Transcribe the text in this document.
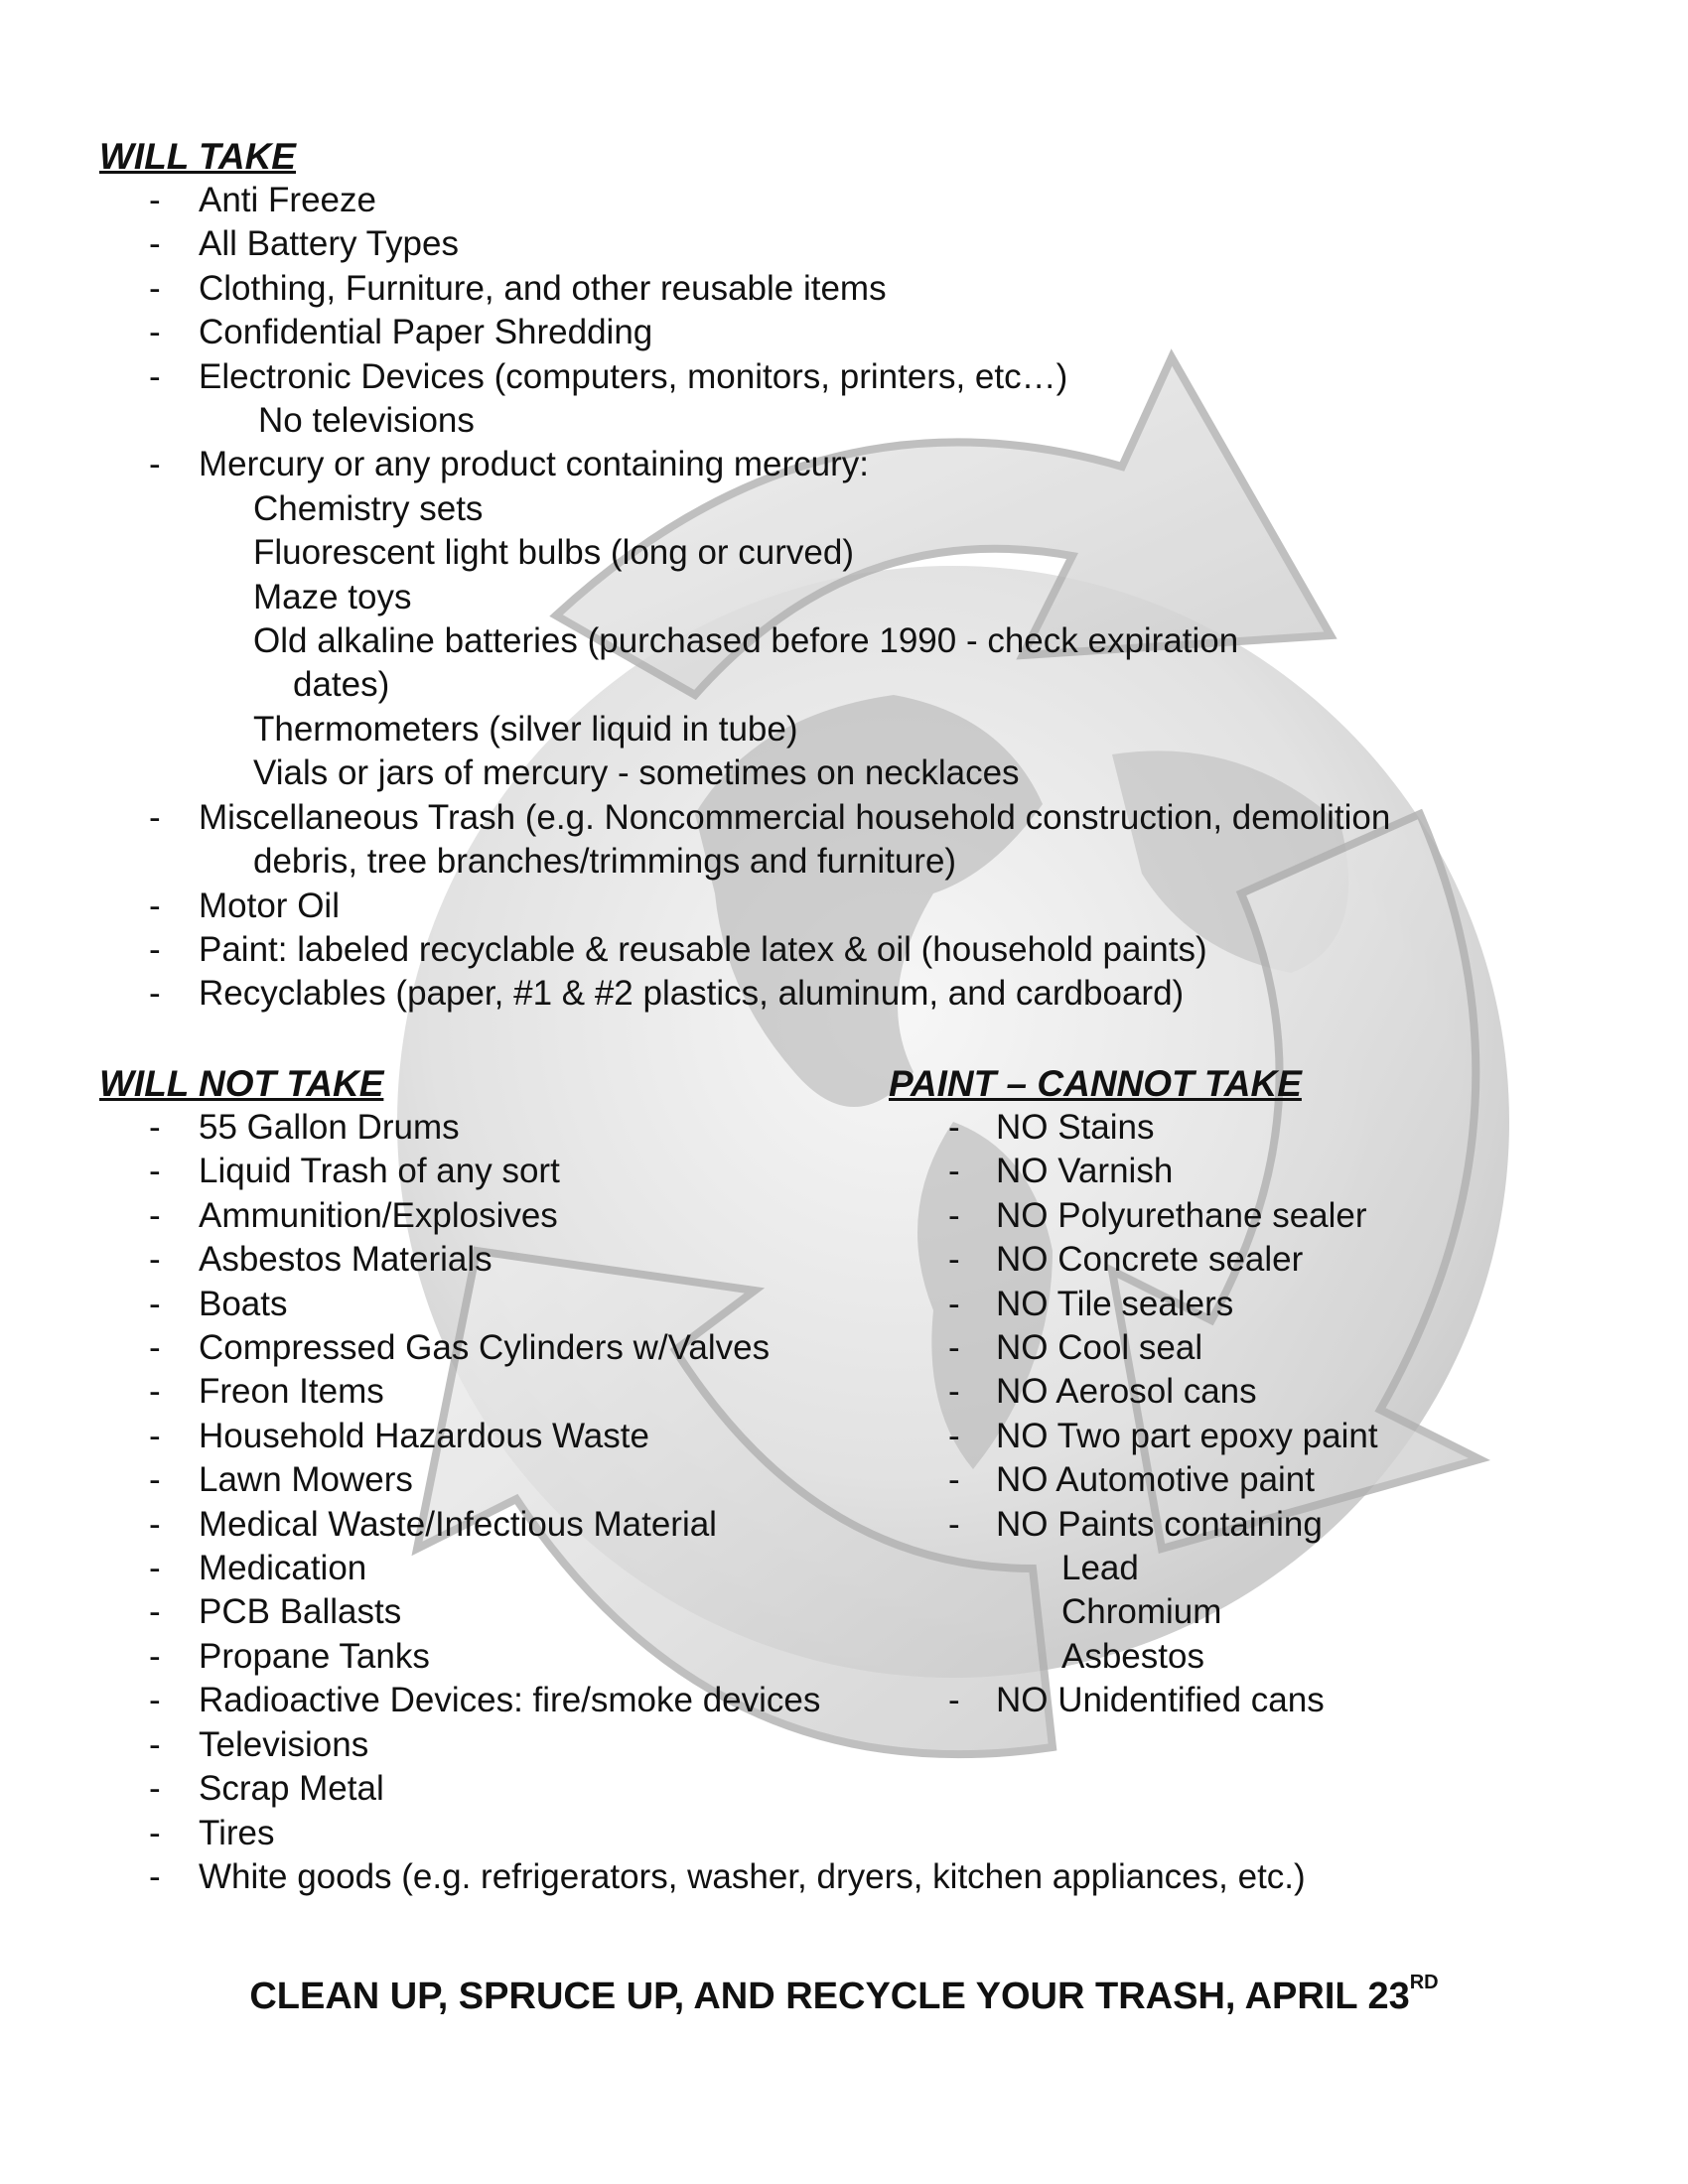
WILL TAKE
- Anti Freeze
- All Battery Types
- Clothing, Furniture, and other reusable items
- Confidential Paper Shredding
- Electronic Devices (computers, monitors, printers, etc…)
No televisions
- Mercury or any product containing mercury:
Chemistry sets
Fluorescent light bulbs (long or curved)
Maze toys
Old alkaline batteries (purchased before 1990 - check expiration
dates)
Thermometers (silver liquid in tube)
Vials or jars of mercury - sometimes on necklaces
- Miscellaneous Trash (e.g. Noncommercial household construction, demolition
debris, tree branches/trimmings and furniture)
- Motor Oil
- Paint: labeled recyclable & reusable latex & oil (household paints)
- Recyclables (paper, #1 & #2 plastics, aluminum, and cardboard)
WILL NOT TAKE
- 55 Gallon Drums
- Liquid Trash of any sort
- Ammunition/Explosives
- Asbestos Materials
- Boats
- Compressed Gas Cylinders w/Valves
- Freon Items
- Household Hazardous Waste
- Lawn Mowers
- Medical Waste/Infectious Material
- Medication
- PCB Ballasts
- Propane Tanks
- Radioactive Devices: fire/smoke devices
- Televisions
- Scrap Metal
- Tires
- White goods (e.g. refrigerators, washer, dryers, kitchen appliances, etc.)
PAINT – CANNOT TAKE
- NO Stains
- NO Varnish
- NO Polyurethane sealer
- NO Concrete sealer
- NO Tile sealers
- NO Cool seal
- NO Aerosol cans
- NO Two part epoxy paint
- NO Automotive paint
- NO Paints containing
Lead
Chromium
Asbestos
- NO Unidentified cans
CLEAN UP, SPRUCE UP, AND RECYCLE YOUR TRASH, APRIL 23RD
